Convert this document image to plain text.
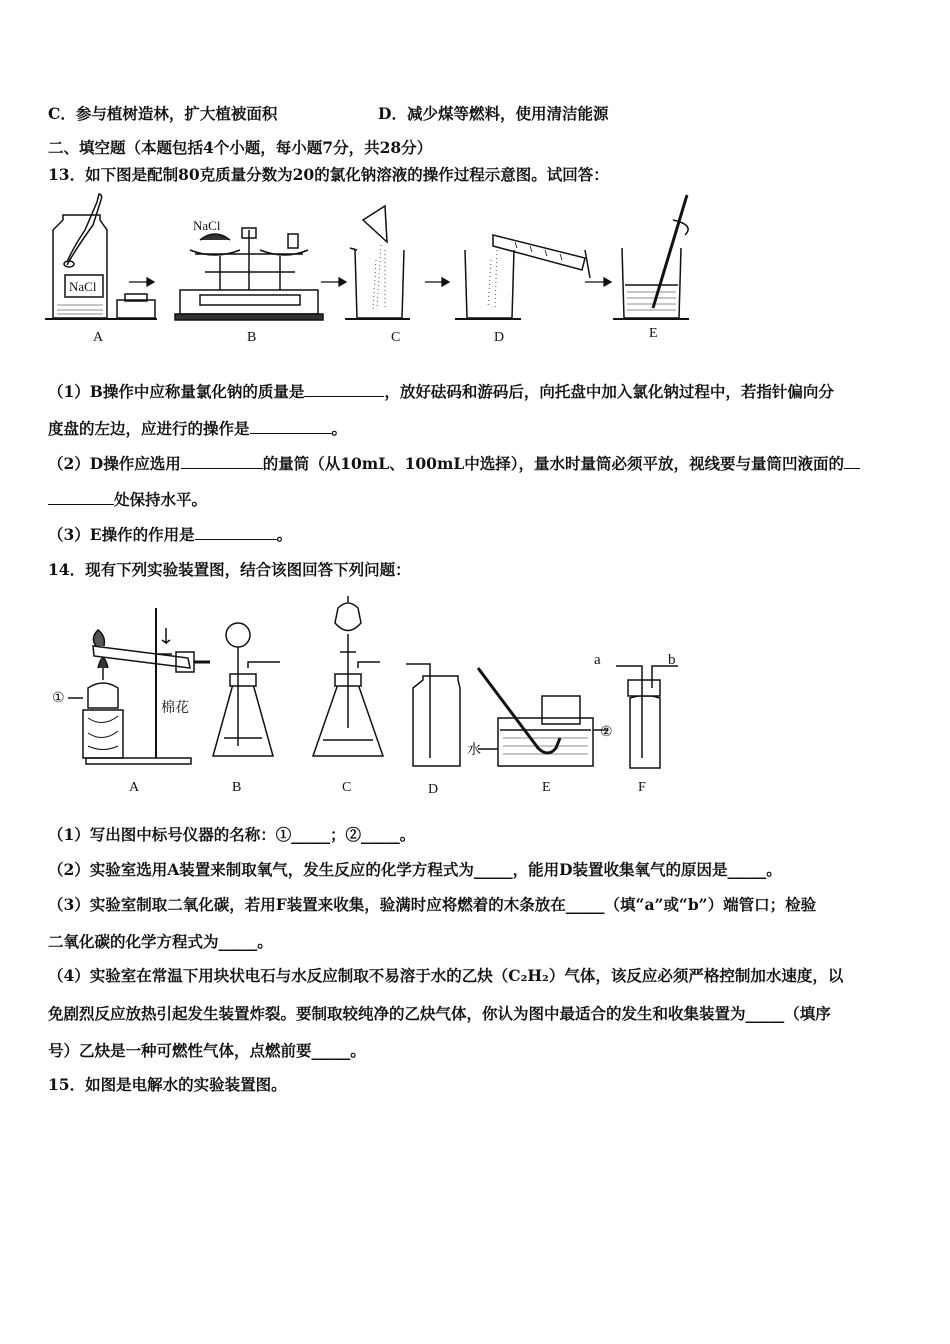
C．参与植树造林，扩大植被面积	D．减少煤等燃料，使用清洁能源
二、填空题（本题包括4个小题，每小题7分，共28分）
13．如下图是配制80克质量分数为20的氯化钠溶液的操作过程示意图。试回答：
NaCl
NaCl
A	B	C	D	E
（1）B操作中应称量氯化钠的质量是	，放好砝码和游码后，向托盘中加入氯化钠过程中，若指针偏向分
度盘的左边，应进行的操作是	。
（2）D操作应选用	的量筒（从10mL、100mL中选择），量水时量筒必须平放，视线要与量筒凹液面的
处保持水平。
（3）E操作的作用是	。
14．现有下列实验装置图，结合该图回答下列问题：
①
棉花
水
②
a	b
A	B	C	D	E	F
（1）写出图中标号仪器的名称：①_____；②_____。
（2）实验室选用A装置来制取氧气，发生反应的化学方程式为_____，能用D装置收集氧气的原因是_____。
（3）实验室制取二氧化碳，若用F装置来收集，验满时应将燃着的木条放在_____（填“a”或“b”）端管口；检验
二氧化碳的化学方程式为_____。
（4）实验室在常温下用块状电石与水反应制取不易溶于水的乙炔（C₂H₂）气体，该反应必须严格控制加水速度，以
免剧烈反应放热引起发生装置炸裂。要制取较纯净的乙炔气体，你认为图中最适合的发生和收集装置为_____（填序
号）乙炔是一种可燃性气体，点燃前要_____。
15．如图是电解水的实验装置图。
